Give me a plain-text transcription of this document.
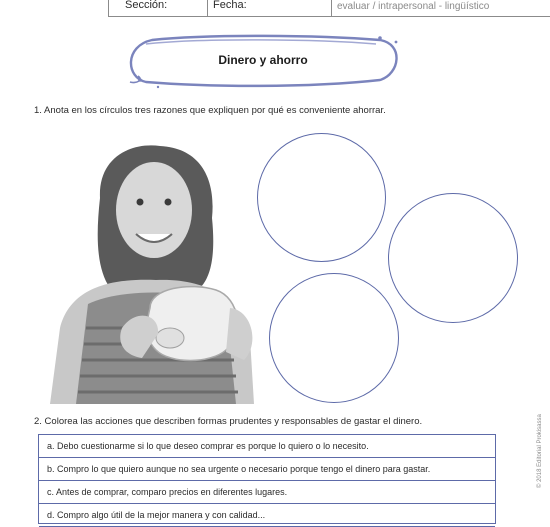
Sección:	Fecha:	evaluar / intrapersonal - lingüístico
Dinero y ahorro
1. Anota en los círculos tres razones que expliquen por qué es conveniente ahorrar.
2. Colorea las acciones que describen formas prudentes y responsables de gastar el dinero.
a. Debo cuestionarme si lo que deseo comprar es porque lo quiero o lo necesito.
b. Compro lo que quiero aunque no sea urgente o necesario porque tengo el dinero para gastar.
c. Antes de comprar, comparo precios en diferentes lugares.
d. Compro algo útil de la mejor manera y con calidad...
© 2018 Editorial Prokisassa
